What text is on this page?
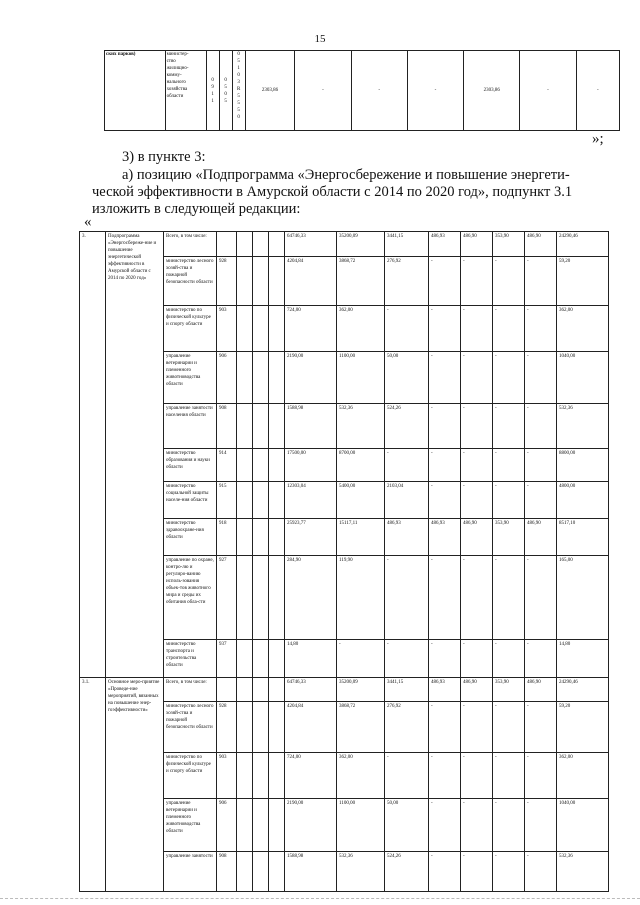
15
ских парков)	министер-
ство
жилищно-
комму-
нального
хозяйства
области	0
9
1
1	0
5
0
5	0
5
1
0
3
R
5
5
5
0	2303,86	-	-	-	2303,86	-	-
»;
3) в пункте 3:
а) позицию «Подпрограмма «Энергосбережение и повышение энергети-
ческой эффективности в Амурской области с 2014 по 2020 год», подпункт 3.1
изложить в следующей редакции:
«
3.	Подпрограмма «Энергосбереже-ние и повышение энергетической эффективности в Амурской области с 2014 по 2020 год»	Всего, в том числе:					64746,33	35200,09	3441,15	486,93	486,90	353,90	486,90	24290,46
		министерство лесного хозяй-ства и пожарной безопасности области	928				4204,84	3868,72	276,92	-	-	-	-	59,20
		министерство по физической культуре и спорту области	903				724,00	362,00	-	-	-	-	-	362,00
		управление ветеринарии и племенного животноводства области	906				2190,00	1100,00	50,00	-	-	-	-	1040,00
		управление занятости населения области	908				1588,98	532,36	524,26	-	-	-	-	532,36
		министерство образования и науки области	914				17500,00	8700,00	-	-	-	-	-	8800,00
		министерство социальной защиты населе-ния области	915				12303,04	5400,00	2103,04	-	-	-	-	4800,00
		министерство здравоохране-ния области	918				25923,77	15117,11	486,93	486,93	486,90	353,90	486,90	8517,10
		управление по охране, контро-лю и регулиро-ванию исполь-зования объек-тов животного мира и среды их обитания обла-сти	927				284,90	119,90	-	-	-	-	-	165,00
		министерство транспорта и строительства области	937				14,80	-	-	-	-	-	-	14,80
3.1.	Основное меро-приятие «Проведе-ние мероприятий, вязанных на повышение энер-гоэффективности»	Всего, в том числе:					64746,33	35200,09	3441,15	486,93	486,90	353,90	486,90	24290,46
		министерство лесного хозяй-ства и пожарной безопасности области	928				4204,84	3868,72	276,92	-	-	-	-	59,20
		министерство по физической культуре и спорту области	903				724,00	362,00	-	-	-	-	-	362,00
		управление ветеринарии и племенного животноводства области	906				2190,00	1100,00	50,00	-	-	-	-	1040,00
		управление занятости	908				1588,98	532,36	524,26	-	-	-	-	532,36
